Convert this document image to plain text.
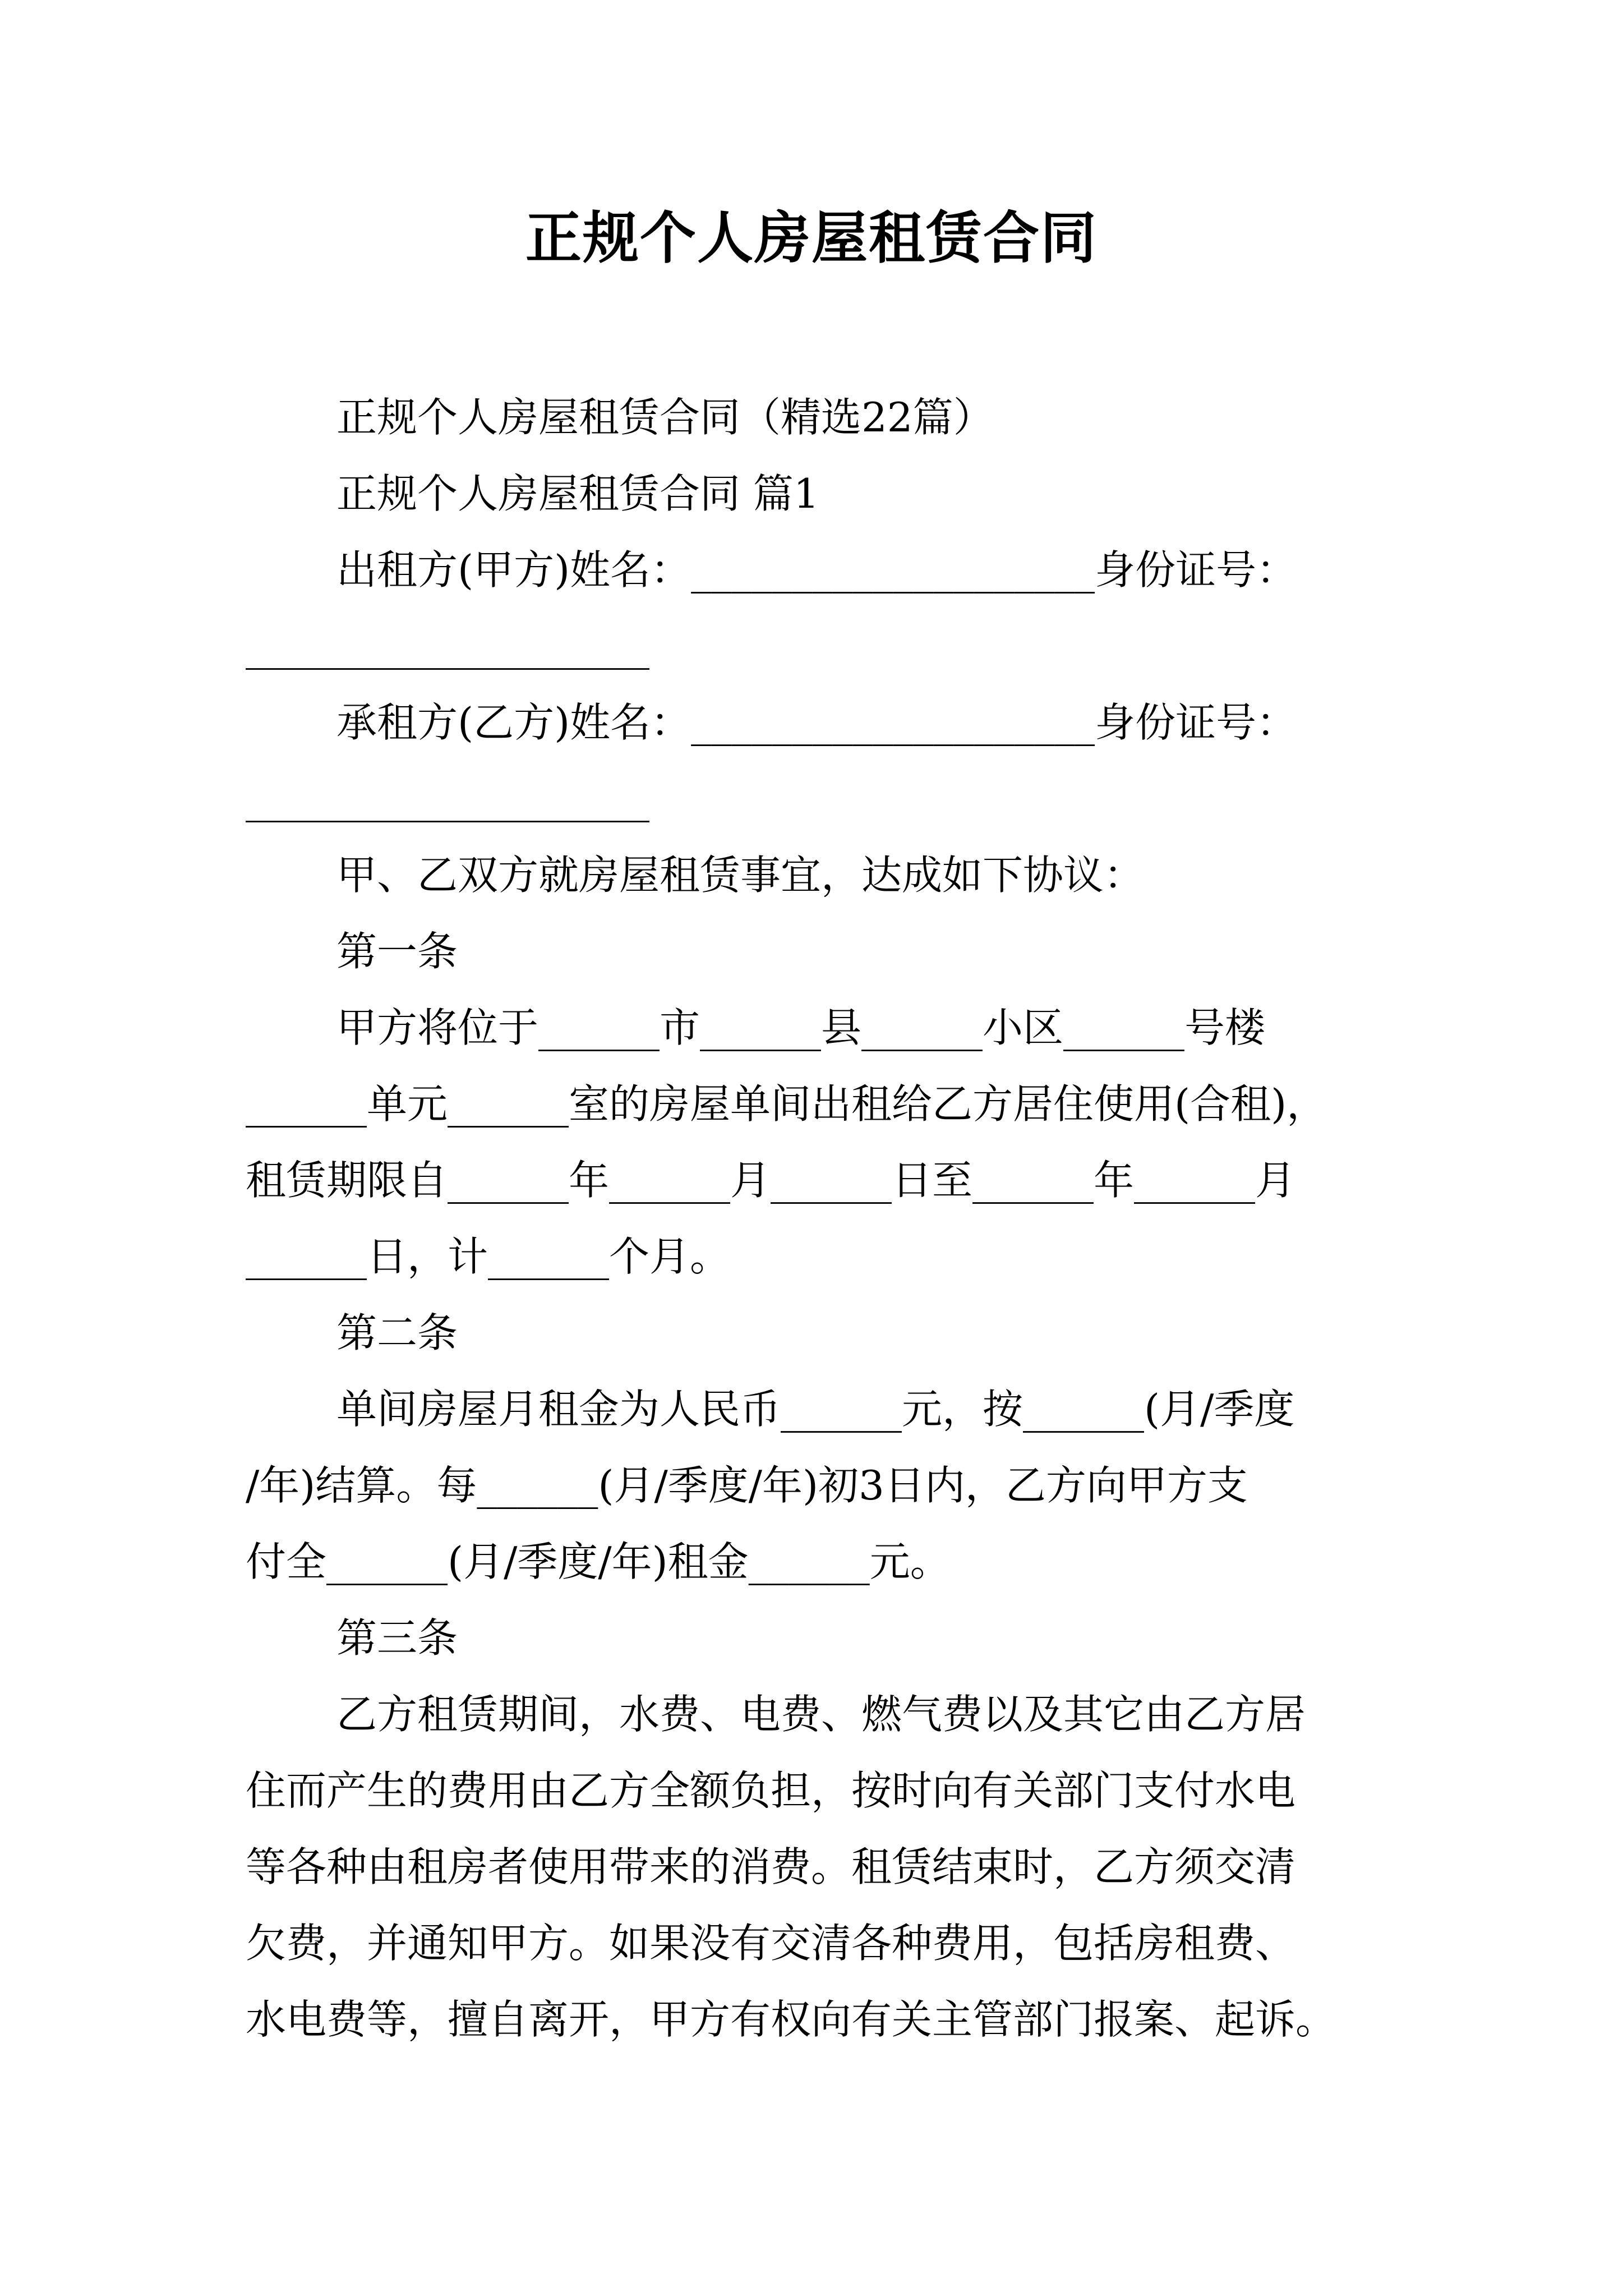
正规个人房屋租赁合同
正规个人房屋租赁合同（精选22篇）
正规个人房屋租赁合同 篇1
出租方(甲方)姓名：____________________身份证号：
____________________
承租方(乙方)姓名：____________________身份证号：
____________________
甲、乙双方就房屋租赁事宜，达成如下协议：
第一条
甲方将位于______市______县______小区______号楼
______单元______室的房屋单间出租给乙方居住使用(合租)，
租赁期限自______年______月______日至______年______月
______日，计______个月。
第二条
单间房屋月租金为人民币______元，按______(月/季度
/年)结算。每______(月/季度/年)初3日内，乙方向甲方支
付全______(月/季度/年)租金______元。
第三条
乙方租赁期间，水费、电费、燃气费以及其它由乙方居
住而产生的费用由乙方全额负担，按时向有关部门支付水电
等各种由租房者使用带来的消费。租赁结束时，乙方须交清
欠费，并通知甲方。如果没有交清各种费用，包括房租费、
水电费等，擅自离开，甲方有权向有关主管部门报案、起诉。
